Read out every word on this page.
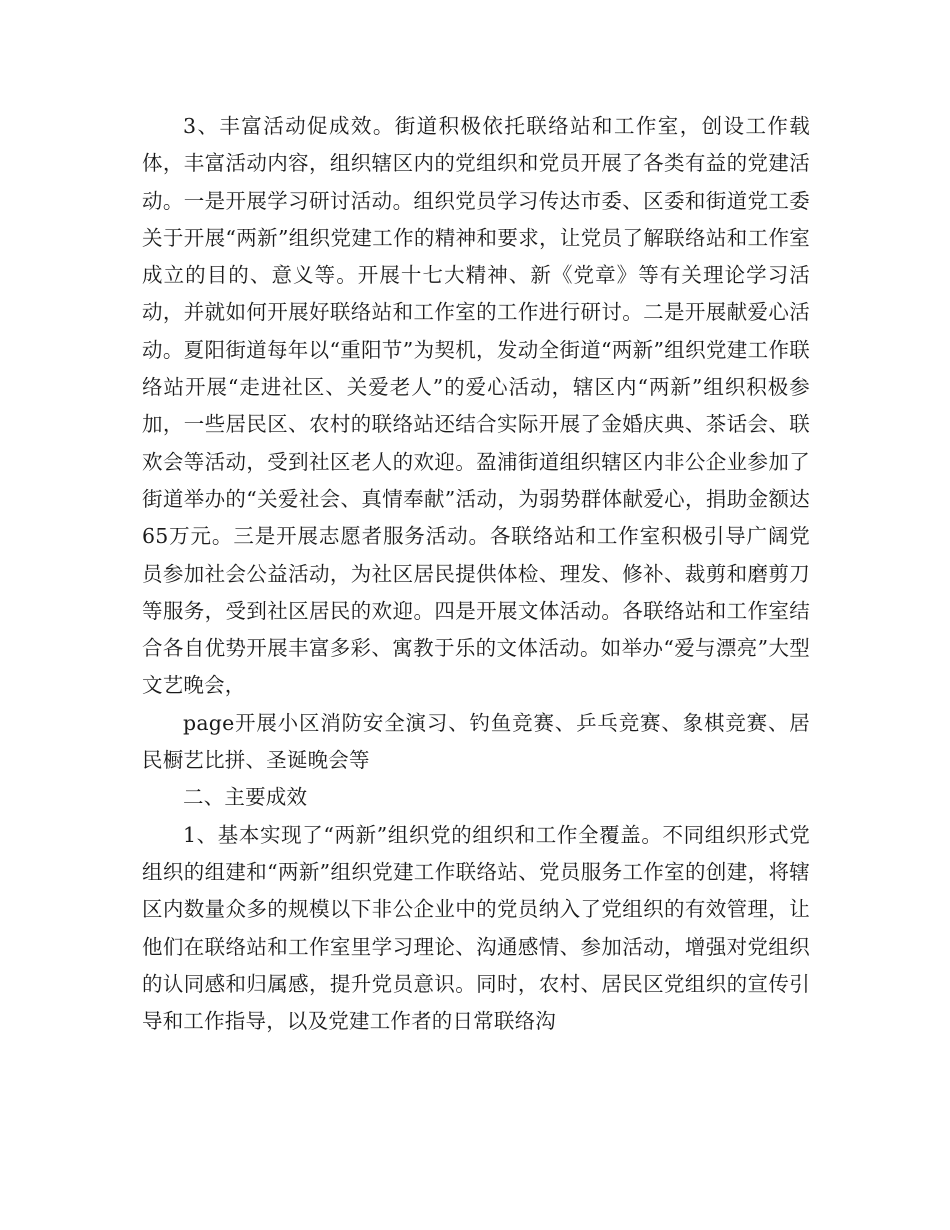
3、丰富活动促成效。街道积极依托联络站和工作室，创设工作载体，丰富活动内容，组织辖区内的党组织和党员开展了各类有益的党建活动。一是开展学习研讨活动。组织党员学习传达市委、区委和街道党工委关于开展“两新”组织党建工作的精神和要求，让党员了解联络站和工作室成立的目的、意义等。开展十七大精神、新《党章》等有关理论学习活动，并就如何开展好联络站和工作室的工作进行研讨。二是开展献爱心活动。夏阳街道每年以“重阳节”为契机，发动全街道“两新”组织党建工作联络站开展“走进社区、关爱老人”的爱心活动，辖区内“两新”组织积极参加，一些居民区、农村的联络站还结合实际开展了金婚庆典、茶话会、联欢会等活动，受到社区老人的欢迎。盈浦街道组织辖区内非公企业参加了街道举办的“关爱社会、真情奉献”活动，为弱势群体献爱心，捐助金额达65万元。三是开展志愿者服务活动。各联络站和工作室积极引导广阔党员参加社会公益活动，为社区居民提供体检、理发、修补、裁剪和磨剪刀等服务，受到社区居民的欢迎。四是开展文体活动。各联络站和工作室结合各自优势开展丰富多彩、寓教于乐的文体活动。如举办“爱与漂亮”大型文艺晚会，

page开展小区消防安全演习、钓鱼竞赛、乒乓竞赛、象棋竞赛、居民橱艺比拼、圣诞晚会等

二、主要成效

1、基本实现了“两新”组织党的组织和工作全覆盖。不同组织形式党组织的组建和“两新”组织党建工作联络站、党员服务工作室的创建，将辖区内数量众多的规模以下非公企业中的党员纳入了党组织的有效管理，让他们在联络站和工作室里学习理论、沟通感情、参加活动，增强对党组织的认同感和归属感，提升党员意识。同时，农村、居民区党组织的宣传引导和工作指导，以及党建工作者的日常联络沟
